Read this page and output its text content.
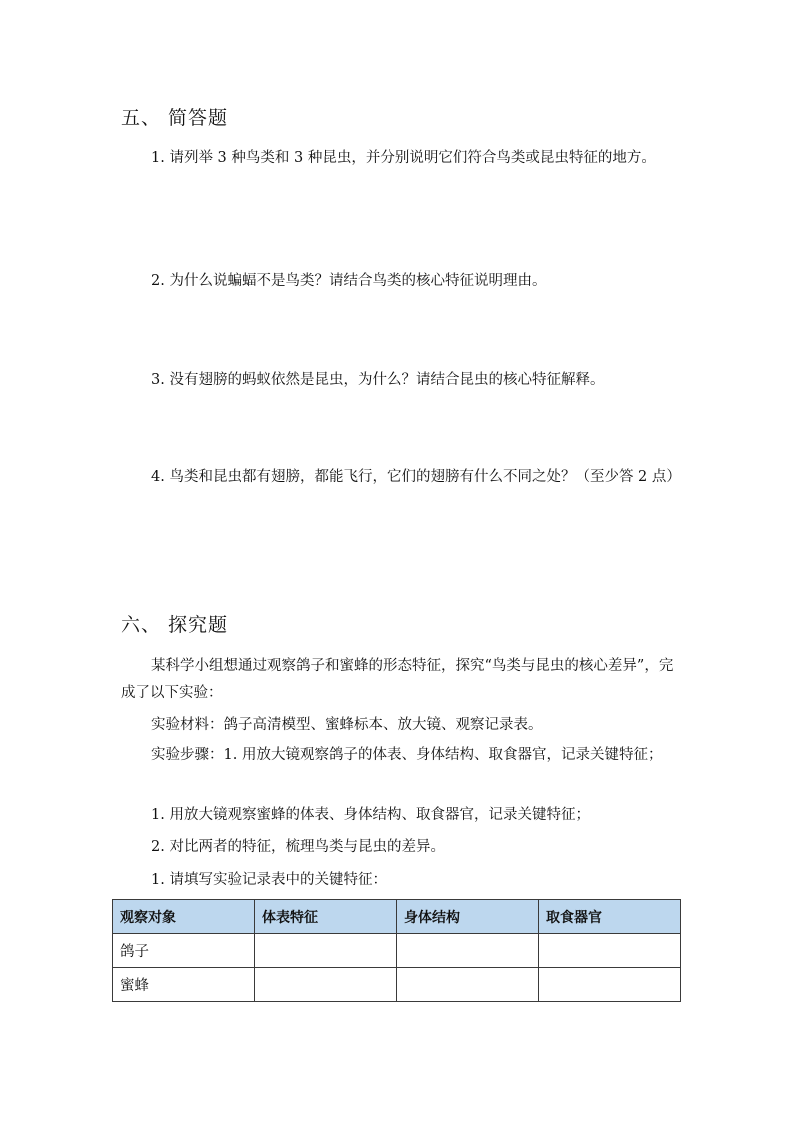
五、 简答题
1. 请列举 3 种鸟类和 3 种昆虫，并分别说明它们符合鸟类或昆虫特征的地方。
2. 为什么说蝙蝠不是鸟类？请结合鸟类的核心特征说明理由。
3. 没有翅膀的蚂蚁依然是昆虫，为什么？请结合昆虫的核心特征解释。
4. 鸟类和昆虫都有翅膀，都能飞行，它们的翅膀有什么不同之处？（至少答 2 点）
六、 探究题
某科学小组想通过观察鸽子和蜜蜂的形态特征，探究“鸟类与昆虫的核心差异”，完成了以下实验：
实验材料：鸽子高清模型、蜜蜂标本、放大镜、观察记录表。
实验步骤：1. 用放大镜观察鸽子的体表、身体结构、取食器官，记录关键特征；
1. 用放大镜观察蜜蜂的体表、身体结构、取食器官，记录关键特征；
2. 对比两者的特征，梳理鸟类与昆虫的差异。
1. 请填写实验记录表中的关键特征：
观察对象	体表特征	身体结构	取食器官
鸽子			
蜜蜂			
